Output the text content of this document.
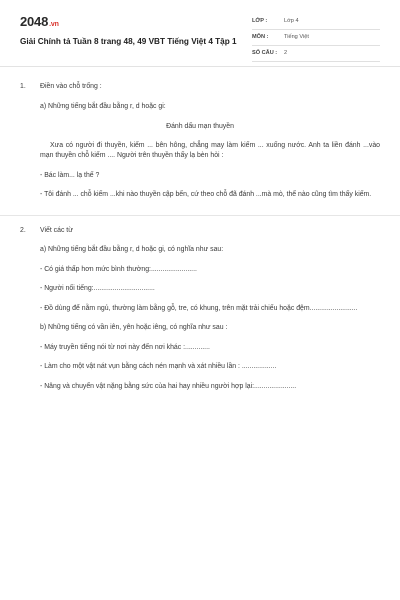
2048.vn
Giải Chính tả Tuần 8 trang 48, 49 VBT Tiếng Việt 4 Tập 1
LỚP :	Lớp 4
MÔN :	Tiếng Việt
SỐ CÂU : 2
1. Điền vào chỗ trống :
a) Những tiếng bắt đầu bằng r, d hoặc gi:
Đánh dấu mạn thuyền
Xưa có người đi thuyền, kiếm ... bên hông, chẳng may làm kiếm ... xuống nước. Anh ta liền đánh ...vào mạn thuyền chỗ kiếm .... Người trên thuyền thấy lạ bèn hỏi :
- Bác làm... lạ thế ?
- Tôi đánh ... chỗ kiếm ...khi nào thuyền cập bến, cứ theo chỗ đã đánh ...mà mò, thế nào cũng tìm thấy kiếm.
2. Viết các từ
a) Những tiếng bắt đầu bằng r, d hoặc gi, có nghĩa như sau:
- Có giá thấp hơn mức bình thường:........................
- Người nối tiếng:................................
- Đồ dùng để nằm ngủ, thường làm bằng gỗ, tre, có khung, trên mặt trải chiếu hoặc đệm.........................
b) Những tiếng có vần iên, yên hoặc iêng, có nghĩa như sau :
- Máy truyền tiếng nói từ nơi này đến nơi khác :.............
- Làm cho một vật nát vụn bằng cách nén mạnh và xát nhiều lần : ..................
- Nâng và chuyển vật nặng bằng sức của hai hay nhiều người hợp lại:......................
